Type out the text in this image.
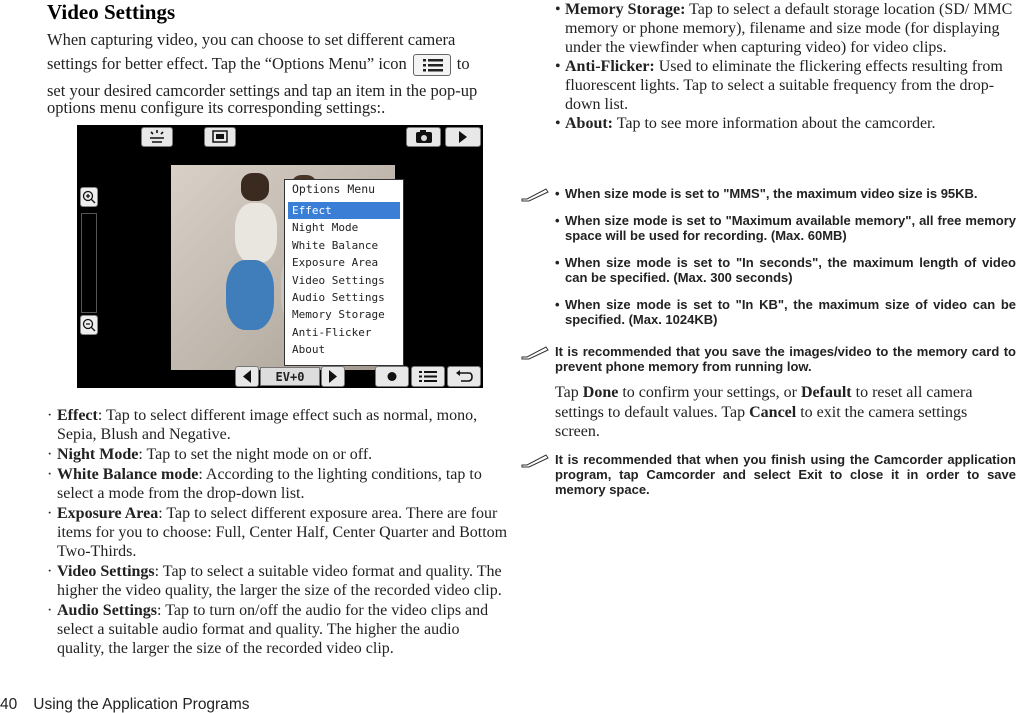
Video Settings
When capturing video, you can choose to set different camera settings for better effect. Tap the “Options Menu” icon	to
set your desired camcorder settings and tap an item in the pop-up options menu configure its corresponding settings:.
Options Menu
Effect
Night Mode
White Balance
Exposure Area
Video Settings
Audio Settings
Memory Storage
Anti-Flicker
About
EV+0
· Effect: Tap to select different image effect such as normal, mono, Sepia, Blush and Negative.
· Night Mode: Tap to set the night mode on or off.
· White Balance mode: According to the lighting conditions, tap to select a mode from the drop-down list.
· Exposure Area: Tap to select different exposure area. There are four items for you to choose: Full, Center Half, Center Quarter and Bottom Two-Thirds.
· Video Settings: Tap to select a suitable video format and quality. The higher the video quality, the larger the size of the recorded video clip.
· Audio Settings: Tap to turn on/off the audio for the video clips and select a suitable audio format and quality. The higher the audio quality, the larger the size of the recorded video clip.
• Memory Storage: Tap to select a default storage location (SD/ MMC memory or phone memory), filename and size mode (for displaying under the viewfinder when capturing video) for video clips.
• Anti-Flicker: Used to eliminate the flickering effects resulting from fluorescent lights. Tap to select a suitable frequency from the drop-down list.
• About: Tap to see more information about the camcorder.
• When size mode is set to "MMS", the maximum video size is 95KB.
• When size mode is set to "Maximum available memory", all free memory space will be used for recording. (Max. 60MB)
• When size mode is set to "In seconds", the maximum length of video can be specified. (Max. 300 seconds)
• When size mode is set to "In KB", the maximum size of video can be specified. (Max. 1024KB)
It is recommended that you save the images/video to the memory card to prevent phone memory from running low.
Tap Done to confirm your settings, or Default to reset all camera settings to default values. Tap Cancel to exit the camera settings screen.
It is recommended that when you finish using the Camcorder application program, tap Camcorder and select Exit to close it in order to save memory space.
40 Using the Application Programs
